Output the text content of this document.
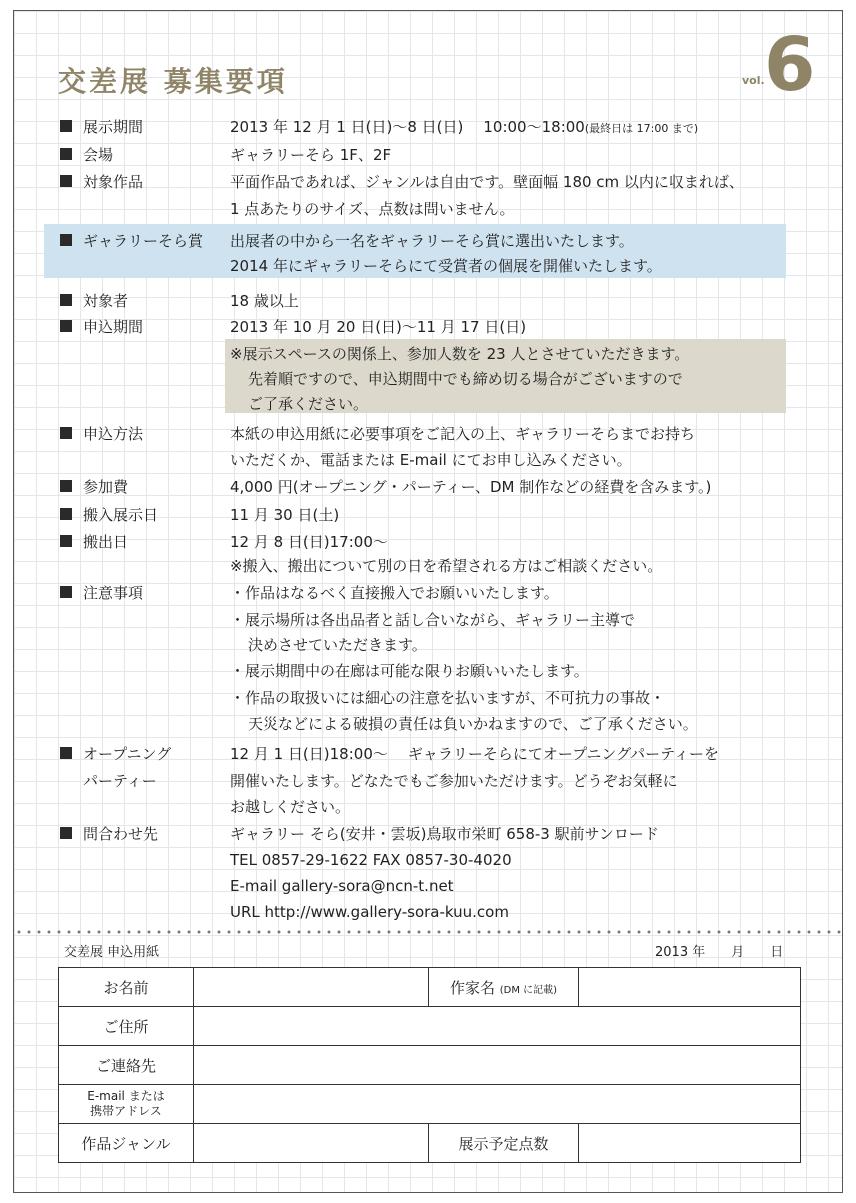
交差展 募集要項	vol. 6
展示期間	2013 年 12 月 1 日(日)〜8 日(日) 10:00〜18:00(最終日は 17:00 まで)
会場	ギャラリーそら 1F、2F
対象作品	平面作品であれば、ジャンルは自由です。壁面幅 180 cm 以内に収まれば、
1 点あたりのサイズ、点数は問いません。
ギャラリーそら賞 出展者の中から一名をギャラリーそら賞に選出いたします。
2014 年にギャラリーそらにて受賞者の個展を開催いたします。
対象者	18 歳以上
申込期間	2013 年 10 月 20 日(日)〜11 月 17 日(日)
※展示スペースの関係上、参加人数を 23 人とさせていただきます。
先着順ですので、申込期間中でも締め切る場合がございますので
ご了承ください。
申込方法	本紙の申込用紙に必要事項をご記入の上、ギャラリーそらまでお持ち
いただくか、電話または E-mail にてお申し込みください。
参加費	4,000 円(オープニング・パーティー、DM 制作などの経費を含みます。)
搬入展示日	11 月 30 日(土)
搬出日	12 月 8 日(日)17:00〜
※搬入、搬出について別の日を希望される方はご相談ください。
注意事項	・作品はなるべく直接搬入でお願いいたします。
・展示場所は各出品者と話し合いながら、ギャラリー主導で
決めさせていただきます。
・展示期間中の在廊は可能な限りお願いいたします。
・作品の取扱いには細心の注意を払いますが、不可抗力の事故・
天災などによる破損の責任は負いかねますので、ご了承ください。
オープニング	12 月 1 日(日)18:00〜 ギャラリーそらにてオープニングパーティーを
パーティー	開催いたします。どなたでもご参加いただけます。どうぞお気軽に
お越しください。
問合わせ先	ギャラリー そら(安井・雲坂)鳥取市栄町 658-3 駅前サンロード
TEL 0857-29-1622 FAX 0857-30-4020
E-mail gallery-sora@ncn-t.net
URL http://www.gallery-sora-kuu.com
交差展 申込用紙	2013 年 月 日
お名前		作家名 (DM に記載)	
ご住所			
ご連絡先			
E-mail または
携帯アドレス			
作品ジャンル		展示予定点数	
